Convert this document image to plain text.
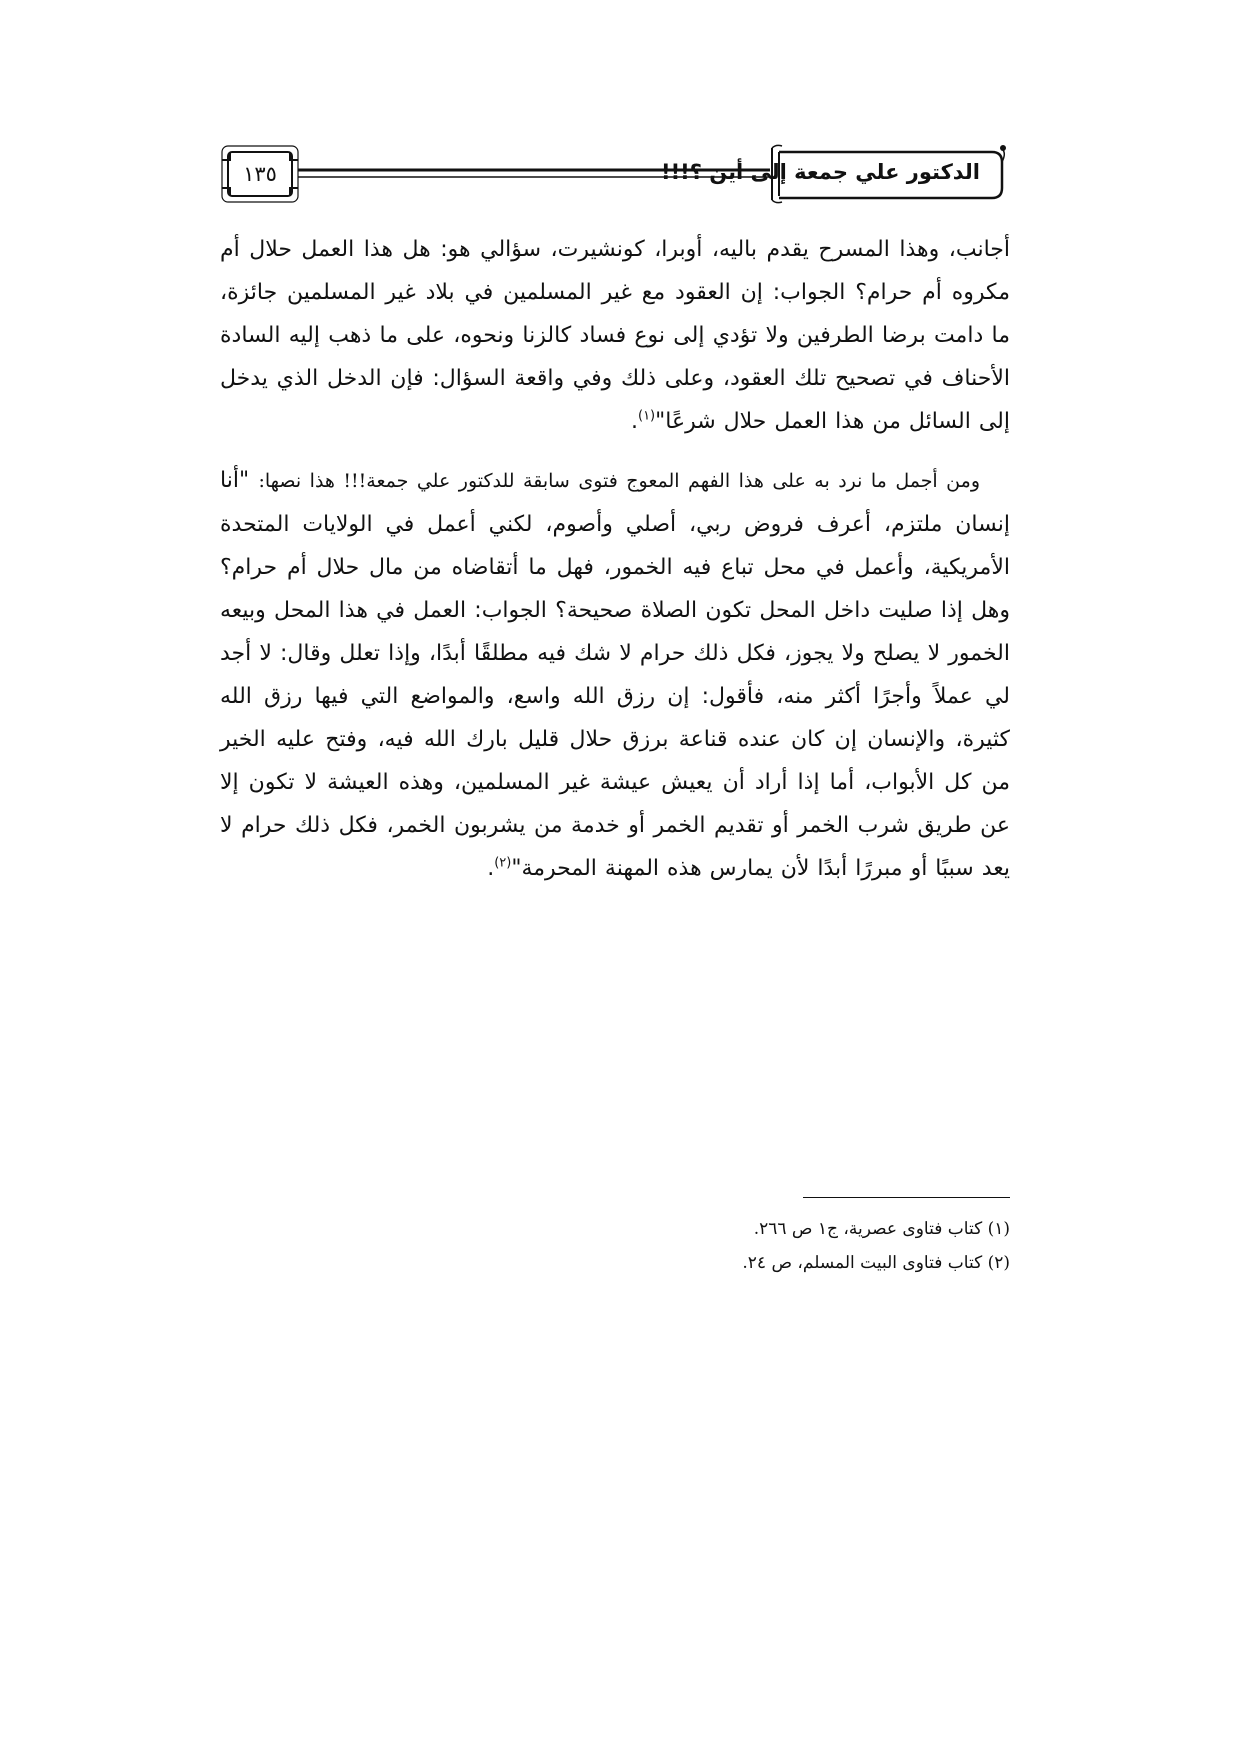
١٣٥	الدكتور علي جمعة إلى أين ؟!!!

أجانب، وهذا المسرح يقدم باليه، أوبرا، كونشيرت، سؤالي هو: هل هذا العمل حلال أم مكروه أم حرام؟ الجواب: إن العقود مع غير المسلمين في بلاد غير المسلمين جائزة، ما دامت برضا الطرفين ولا تؤدي إلى نوع فساد كالزنا ونحوه، على ما ذهب إليه السادة الأحناف في تصحيح تلك العقود، وعلى ذلك وفي واقعة السؤال: فإن الدخل الذي يدخل إلى السائل من هذا العمل حلال شرعًا"$^{(١)}$.

ومن أجمل ما نرد به على هذا الفهم المعوج فتوى سابقة للدكتور علي جمعة!!! هذا نصها: "أنا إنسان ملتزم، أعرف فروض ربي، أصلي وأصوم، لكني أعمل في الولايات المتحدة الأمريكية، وأعمل في محل تباع فيه الخمور، فهل ما أتقاضاه من مال حلال أم حرام؟ وهل إذا صليت داخل المحل تكون الصلاة صحيحة؟ الجواب: العمل في هذا المحل وبيعه الخمور لا يصلح ولا يجوز، فكل ذلك حرام لا شك فيه مطلقًا أبدًا، وإذا تعلل وقال: لا أجد لي عملاً وأجرًا أكثر منه، فأقول: إن رزق الله واسع، والمواضع التي فيها رزق الله كثيرة، والإنسان إن كان عنده قناعة برزق حلال قليل بارك الله فيه، وفتح عليه الخير من كل الأبواب، أما إذا أراد أن يعيش عيشة غير المسلمين، وهذه العيشة لا تكون إلا عن طريق شرب الخمر أو تقديم الخمر أو خدمة من يشربون الخمر، فكل ذلك حرام لا يعد سببًا أو مبررًا أبدًا لأن يمارس هذه المهنة المحرمة"$^{(٢)}$.

(١) كتاب فتاوى عصرية، ج١ ص ٢٦٦.
(٢) كتاب فتاوى البيت المسلم، ص ٢٤.
